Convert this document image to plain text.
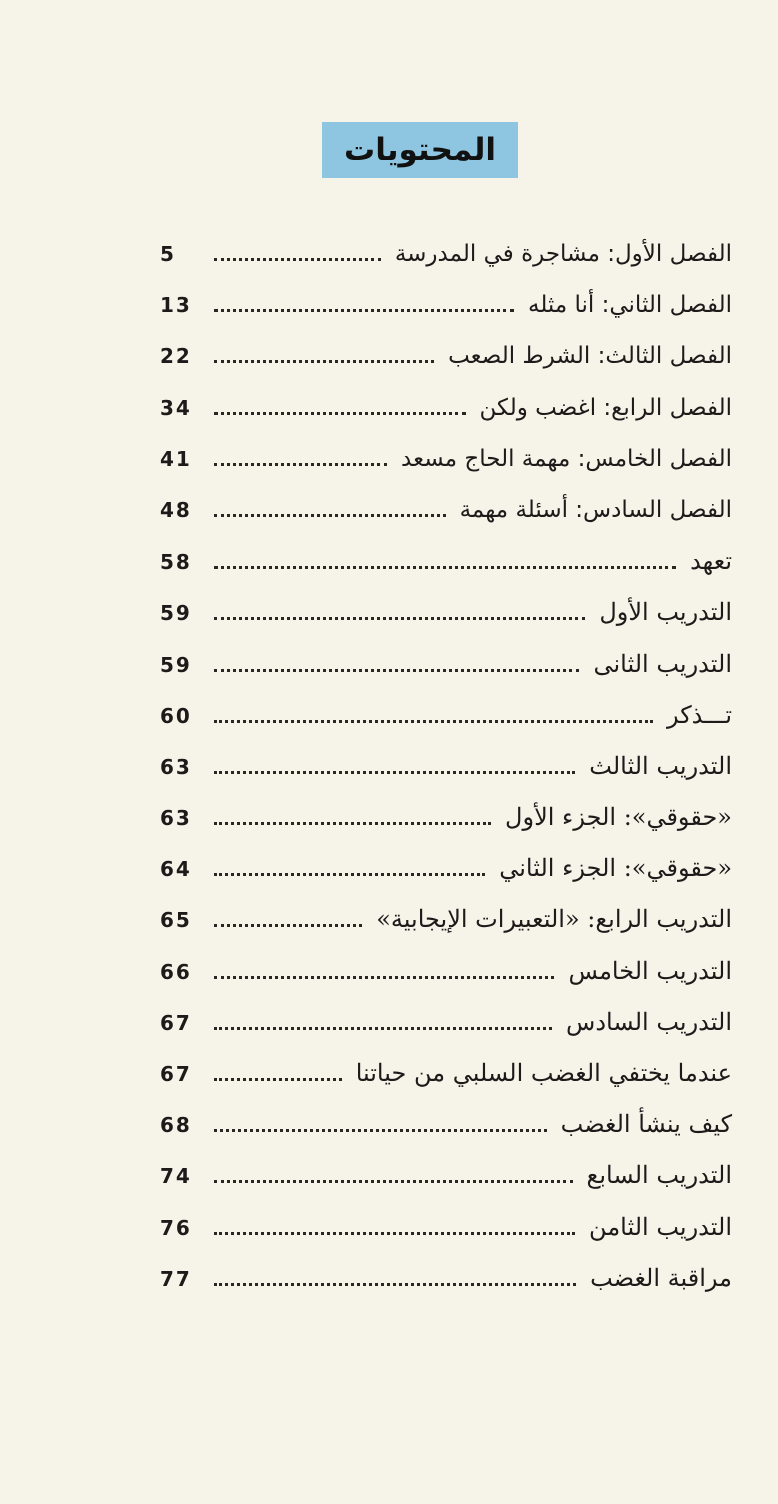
المحتويات
الفصل الأول: مشاجرة في المدرسة
5
الفصل الثاني: أنا مثله
13
الفصل الثالث: الشرط الصعب
22
الفصل الرابع: اغضب ولكن
34
الفصل الخامس: مهمة الحاج مسعد
41
الفصل السادس: أسئلة مهمة
48
تعهد
58
التدريب الأول
59
التدريب الثانى
59
تـــذكر
60
التدريب الثالث
63
«حقوقي»: الجزء الأول
63
«حقوقي»: الجزء الثاني
64
التدريب الرابع: «التعبيرات الإيجابية»
65
التدريب الخامس
66
التدريب السادس
67
عندما يختفي الغضب السلبي من حياتنا
67
كيف ينشأ الغضب
68
التدريب السابع
74
التدريب الثامن
76
مراقبة الغضب
77
